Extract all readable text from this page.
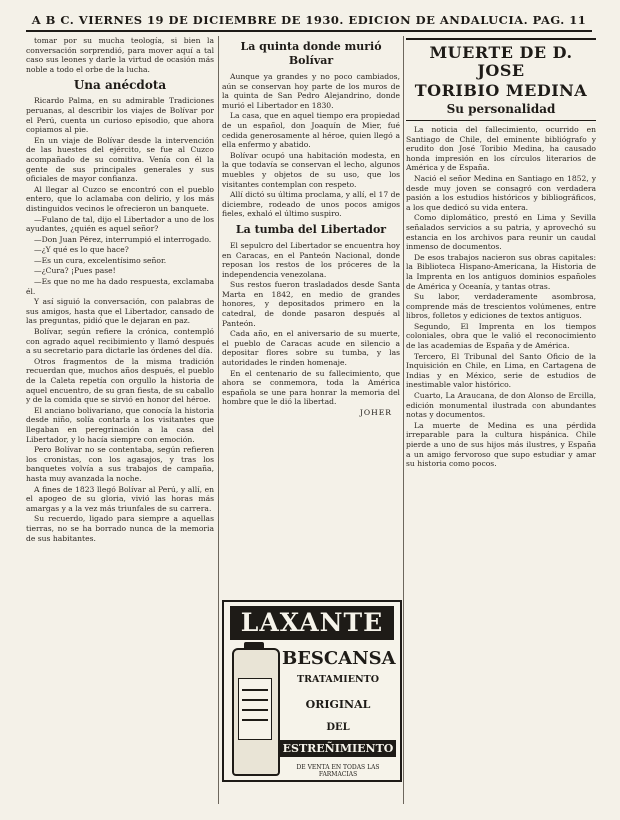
A B C. VIERNES 19 DE DICIEMBRE DE 1930. EDICION DE ANDALUCIA. PAG. 11

tomar por su mucha teología, si bien la conversación sorprendió, para mover aquí a tal caso sus leones y darle la virtud de ocasión más noble a todo el orbe de la lucha.

Una anécdota

Ricardo Palma, en su admirable Tradiciones peruanas, al describir los viajes de Bolívar por el Perú, cuenta un curioso episodio, que ahora copiamos al pie.

En un viaje de Bolívar desde la intervención de las huestes del ejército, se fue al Cuzco acompañado de su comitiva. Venía con él la gente de sus principales generales y sus oficiales de mayor confianza.

Al llegar al Cuzco se encontró con el pueblo entero, que lo aclamaba con delirio, y los más distinguidos vecinos le ofrecieron un banquete.

—Fulano de tal, dijo el Libertador a uno de los ayudantes, ¿quién es aquel señor?

—Don Juan Pérez, interrumpió el interrogado.

—¿Y qué es lo que hace?

—Es un cura, excelentísimo señor.

—¿Cura? ¡Pues pase!

—Es que no me ha dado respuesta, exclamaba él.

Y así siguió la conversación, con palabras de sus amigos, hasta que el Libertador, cansado de las preguntas, pidió que le dejaran en paz.

Bolívar, según refiere la crónica, contempló con agrado aquel recibimiento y llamó después a su secretario para dictarle las órdenes del día.

Otros fragmentos de la misma tradición recuerdan que, muchos años después, el pueblo de la Caleta repetía con orgullo la historia de aquel encuentro, de su gran fiesta, de su caballo y de la comida que se sirvió en honor del héroe.

El anciano bolivariano, que conocía la historia desde niño, solía contarla a los visitantes que llegaban en peregrinación a la casa del Libertador, y lo hacía siempre con emoción.

Pero Bolívar no se contentaba, según refieren los cronistas, con los agasajos, y tras los banquetes volvía a sus trabajos de campaña, hasta muy avanzada la noche.

A fines de 1823 llegó Bolívar al Perú, y allí, en el apogeo de su gloria, vivió las horas más amargas y a la vez más triunfales de su carrera.

Su recuerdo, ligado para siempre a aquellas tierras, no se ha borrado nunca de la memoria de sus habitantes.

La quinta donde murió Bolívar

Aunque ya grandes y no poco cambiados, aún se conservan hoy parte de los muros de la quinta de San Pedro Alejandrino, donde murió el Libertador en 1830.

La casa, que en aquel tiempo era propiedad de un español, don Joaquín de Mier, fué cedida generosamente al héroe, quien llegó a ella enfermo y abatido.

Bolívar ocupó una habitación modesta, en la que todavía se conservan el lecho, algunos muebles y objetos de su uso, que los visitantes contemplan con respeto.

Allí dictó su última proclama, y allí, el 17 de diciembre, rodeado de unos pocos amigos fieles, exhaló el último suspiro.

La tumba del Libertador

El sepulcro del Libertador se encuentra hoy en Caracas, en el Panteón Nacional, donde reposan los restos de los próceres de la independencia venezolana.

Sus restos fueron trasladados desde Santa Marta en 1842, en medio de grandes honores, y depositados primero en la catedral, de donde pasaron después al Panteón.

Cada año, en el aniversario de su muerte, el pueblo de Caracas acude en silencio a depositar flores sobre su tumba, y las autoridades le rinden homenaje.

En el centenario de su fallecimiento, que ahora se conmemora, toda la América española se une para honrar la memoria del hombre que le dió la libertad.

JOHER
LAXANTE
BESCANSA
TRATAMIENTO
ORIGINAL
DEL
ESTREÑIMIENTO
DE VENTA EN TODAS LAS FARMACIAS
MUERTE DE D. JOSE
TORIBIO MEDINA
Su personalidad

La noticia del fallecimiento, ocurrido en Santiago de Chile, del eminente bibliógrafo y erudito don José Toribio Medina, ha causado honda impresión en los círculos literarios de América y de España.

Nació el señor Medina en Santiago en 1852, y desde muy joven se consagró con verdadera pasión a los estudios históricos y bibliográficos, a los que dedicó su vida entera.

Como diplomático, prestó en Lima y Sevilla señalados servicios a su patria, y aprovechó su estancia en los archivos para reunir un caudal inmenso de documentos.

De esos trabajos nacieron sus obras capitales: la Biblioteca Hispano-Americana, la Historia de la Imprenta en los antiguos dominios españoles de América y Oceanía, y tantas otras.

Su labor, verdaderamente asombrosa, comprende más de trescientos volúmenes, entre libros, folletos y ediciones de textos antiguos.

Segundo, El Imprenta en los tiempos coloniales, obra que le valió el reconocimiento de las academias de España y de América.

Tercero, El Tribunal del Santo Oficio de la Inquisición en Chile, en Lima, en Cartagena de Indias y en México, serie de estudios de inestimable valor histórico.

Cuarto, La Araucana, de don Alonso de Ercilla, edición monumental ilustrada con abundantes notas y documentos.

La muerte de Medina es una pérdida irreparable para la cultura hispánica. Chile pierde a uno de sus hijos más ilustres, y España a un amigo fervoroso que supo estudiar y amar su historia como pocos.
